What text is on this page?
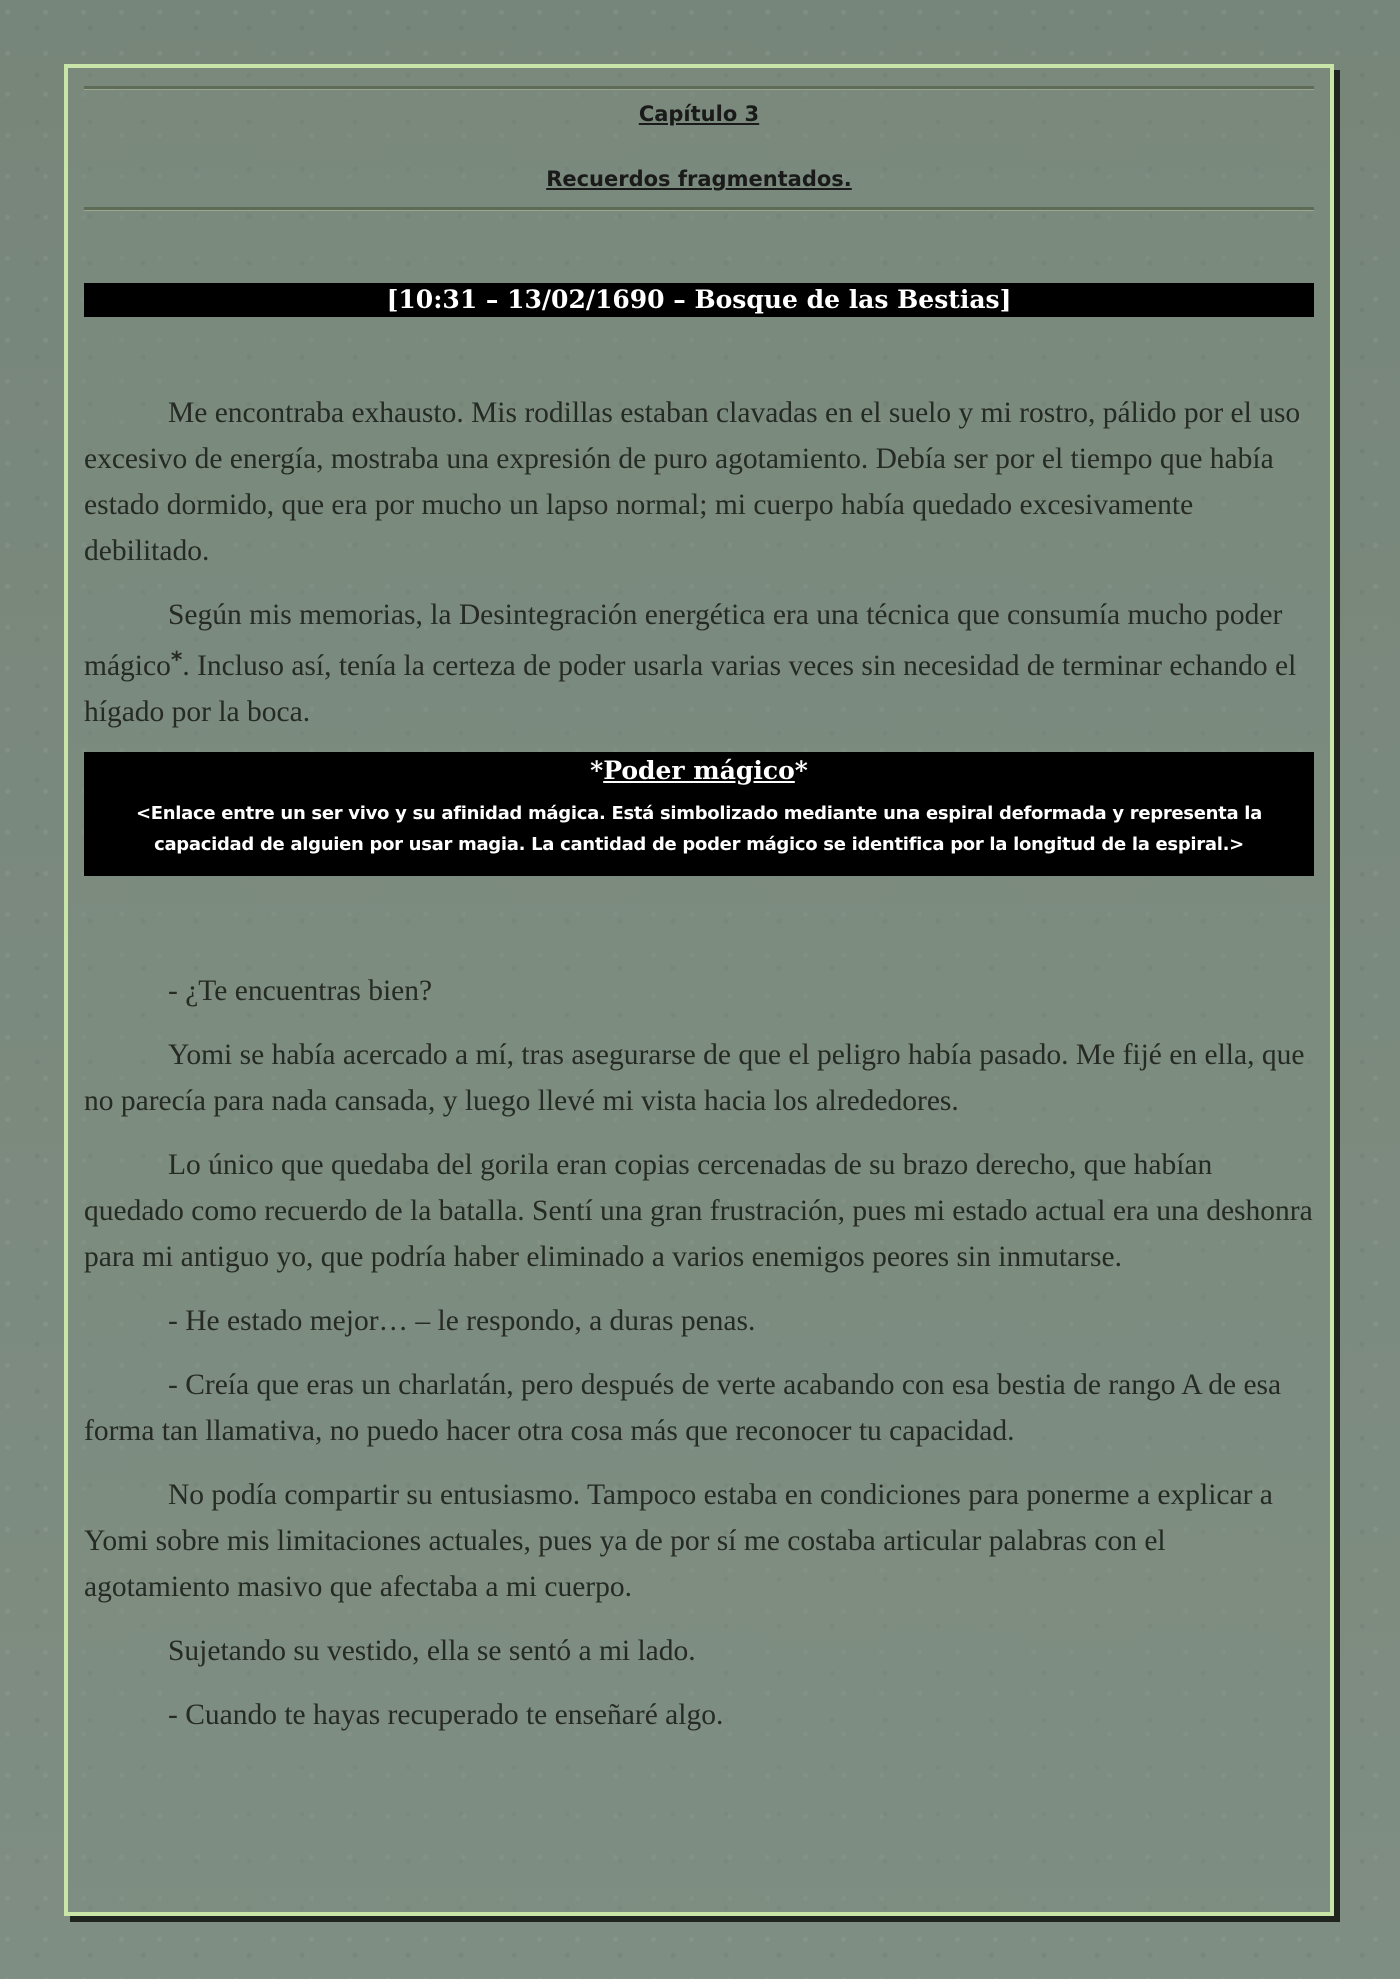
Capítulo 3
Recuerdos fragmentados.
[10:31 – 13/02/1690 – Bosque de las Bestias]

Me encontraba exhausto. Mis rodillas estaban clavadas en el suelo y mi rostro, pálido por el uso excesivo de energía, mostraba una expresión de puro agotamiento. Debía ser por el tiempo que había estado dormido, que era por mucho un lapso normal; mi cuerpo había quedado excesivamente debilitado.

Según mis memorias, la Desintegración energética era una técnica que consumía mucho poder mágico*. Incluso así, tenía la certeza de poder usarla varias veces sin necesidad de terminar echando el hígado por la boca.

*Poder mágico*
<Enlace entre un ser vivo y su afinidad mágica. Está simbolizado mediante una espiral deformada y representa la capacidad de alguien por usar magia. La cantidad de poder mágico se identifica por la longitud de la espiral.>

- ¿Te encuentras bien?

Yomi se había acercado a mí, tras asegurarse de que el peligro había pasado. Me fijé en ella, que no parecía para nada cansada, y luego llevé mi vista hacia los alrededores.

Lo único que quedaba del gorila eran copias cercenadas de su brazo derecho, que habían quedado como recuerdo de la batalla. Sentí una gran frustración, pues mi estado actual era una deshonra para mi antiguo yo, que podría haber eliminado a varios enemigos peores sin inmutarse.

- He estado mejor… – le respondo, a duras penas.

- Creía que eras un charlatán, pero después de verte acabando con esa bestia de rango A de esa forma tan llamativa, no puedo hacer otra cosa más que reconocer tu capacidad.

No podía compartir su entusiasmo. Tampoco estaba en condiciones para ponerme a explicar a Yomi sobre mis limitaciones actuales, pues ya de por sí me costaba articular palabras con el agotamiento masivo que afectaba a mi cuerpo.

Sujetando su vestido, ella se sentó a mi lado.

- Cuando te hayas recuperado te enseñaré algo.
